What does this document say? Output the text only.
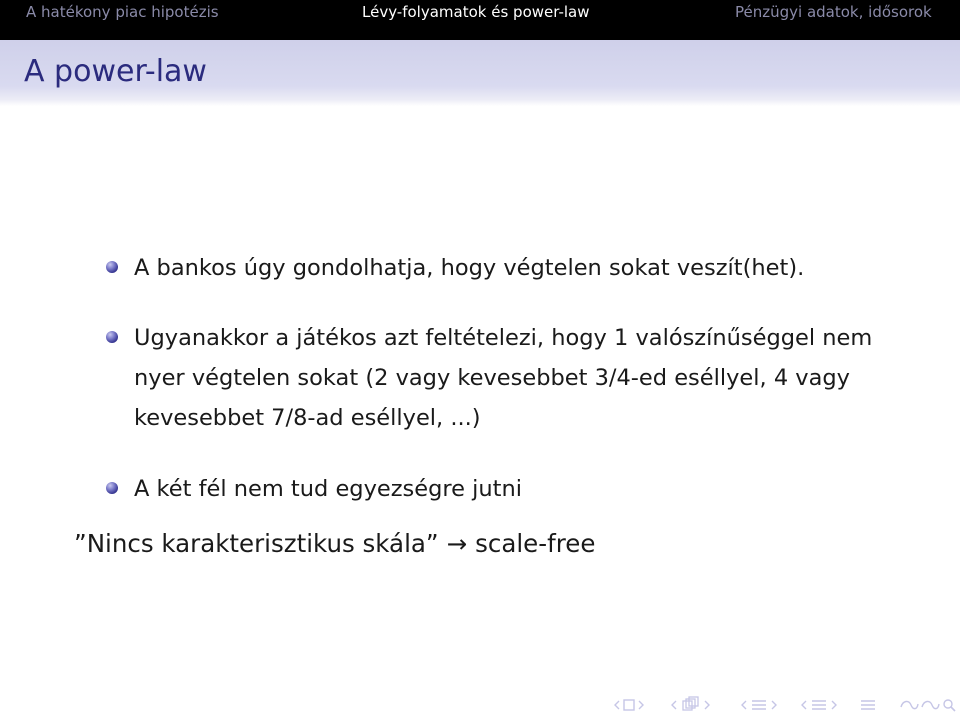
A hatékony piac hipotézis	Lévy-folyamatok és power-law	Pénzügyi adatok, idősorok
A power-law
A bankos úgy gondolhatja, hogy végtelen sokat veszít(het).
Ugyanakkor a játékos azt feltételezi, hogy 1 valószínűséggel nem nyer végtelen sokat (2 vagy kevesebbet 3/4-ed eséllyel, 4 vagy kevesebbet 7/8-ad eséllyel, ...)
A két fél nem tud egyezségre jutni
”Nincs karakterisztikus skála” → scale-free
